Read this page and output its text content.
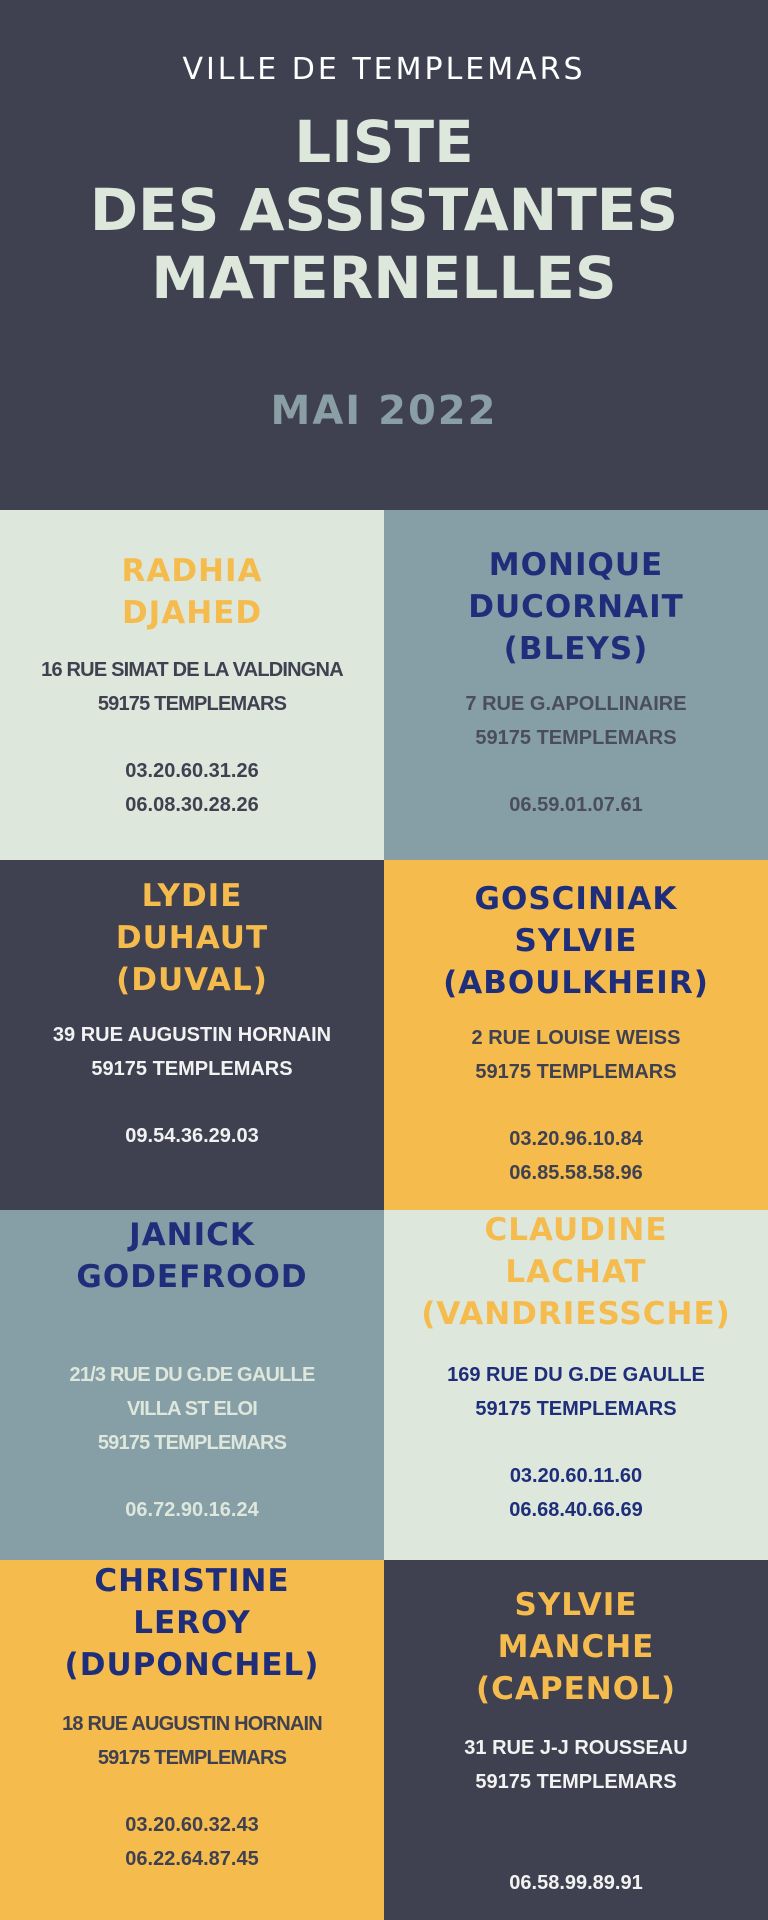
VILLE DE TEMPLEMARS
LISTE
DES ASSISTANTES
MATERNELLES
MAI 2022
RADHIA
DJAHED
16 RUE SIMAT DE LA VALDINGNA
59175 TEMPLEMARS
03.20.60.31.26
06.08.30.28.26
MONIQUE
DUCORNAIT
(BLEYS)
7 RUE G.APOLLINAIRE
59175 TEMPLEMARS
06.59.01.07.61
LYDIE
DUHAUT
(DUVAL)
39 RUE AUGUSTIN HORNAIN
59175 TEMPLEMARS
09.54.36.29.03
GOSCINIAK
SYLVIE
(ABOULKHEIR)
2 RUE LOUISE WEISS
59175 TEMPLEMARS
03.20.96.10.84
06.85.58.58.96
JANICK
GODEFROOD
21/3 RUE DU G.DE GAULLE
VILLA ST ELOI
59175 TEMPLEMARS
06.72.90.16.24
CLAUDINE
LACHAT
(VANDRIESSCHE)
169 RUE DU G.DE GAULLE
59175 TEMPLEMARS
03.20.60.11.60
06.68.40.66.69
CHRISTINE
LEROY
(DUPONCHEL)
18 RUE AUGUSTIN HORNAIN
59175 TEMPLEMARS
03.20.60.32.43
06.22.64.87.45
SYLVIE
MANCHE
(CAPENOL)
31 RUE J-J ROUSSEAU
59175 TEMPLEMARS
06.58.99.89.91
